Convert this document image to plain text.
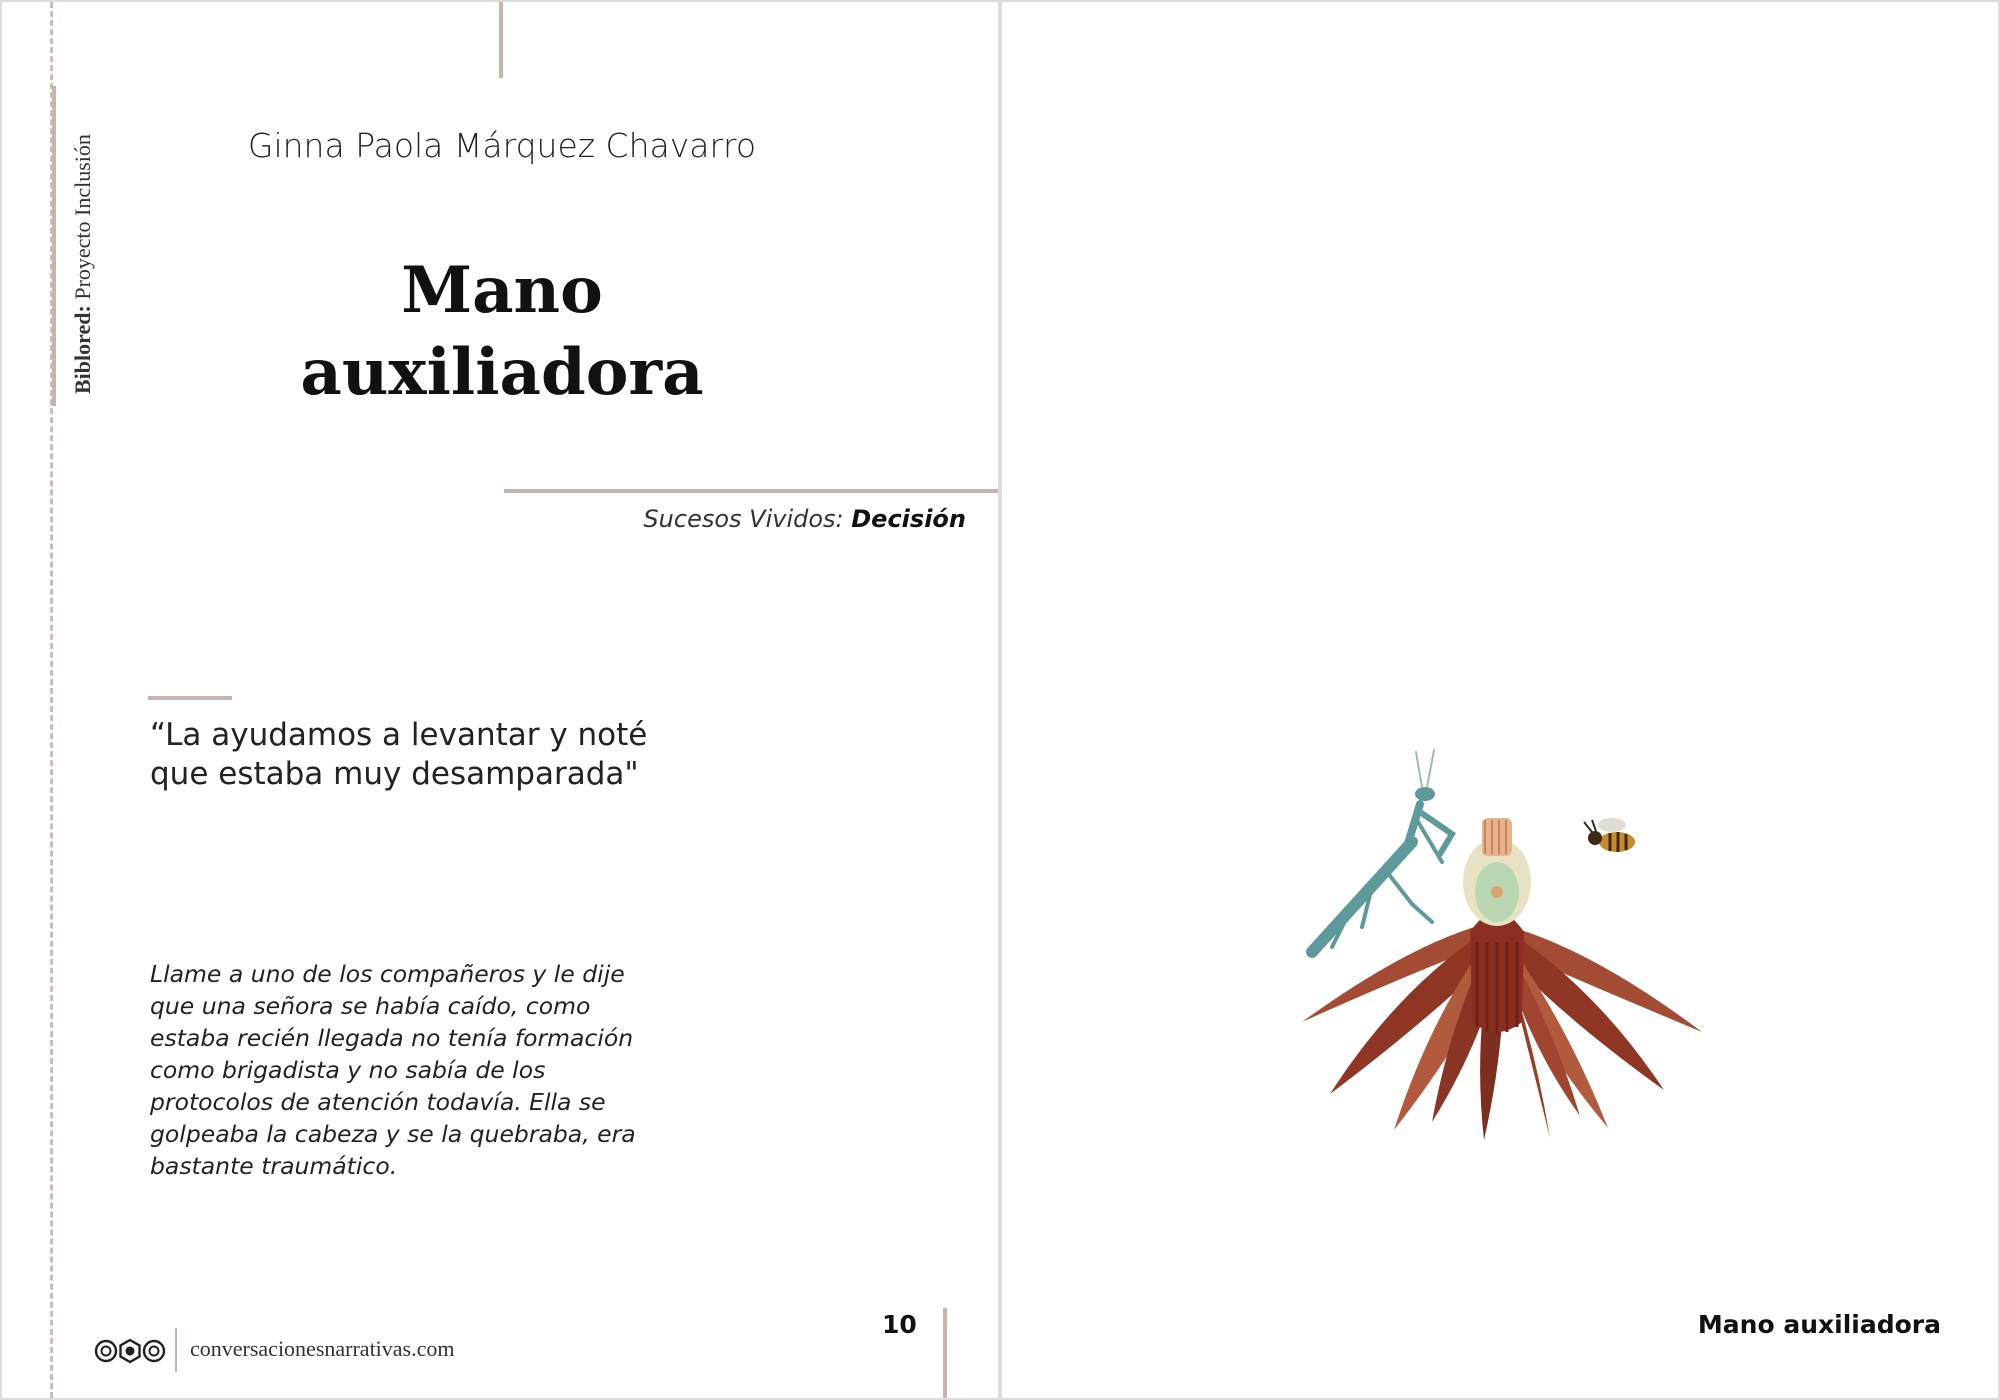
Biblored: Proyecto Inclusión	Ginna Paola Márquez Chavarro
Mano
auxiliadora
Sucesos Vividos: Decisión
“La ayudamos a levantar y noté
que estaba muy desamparada"
Llame a uno de los compañeros y le dije
que una señora se había caído, como
estaba recién llegada no tenía formación
como brigadista y no sabía de los
protocolos de atención todavía. Ella se
golpeaba la cabeza y se la quebraba, era
bastante traumático.
conversacionesnarrativas.com
10	Mano auxiliadora
